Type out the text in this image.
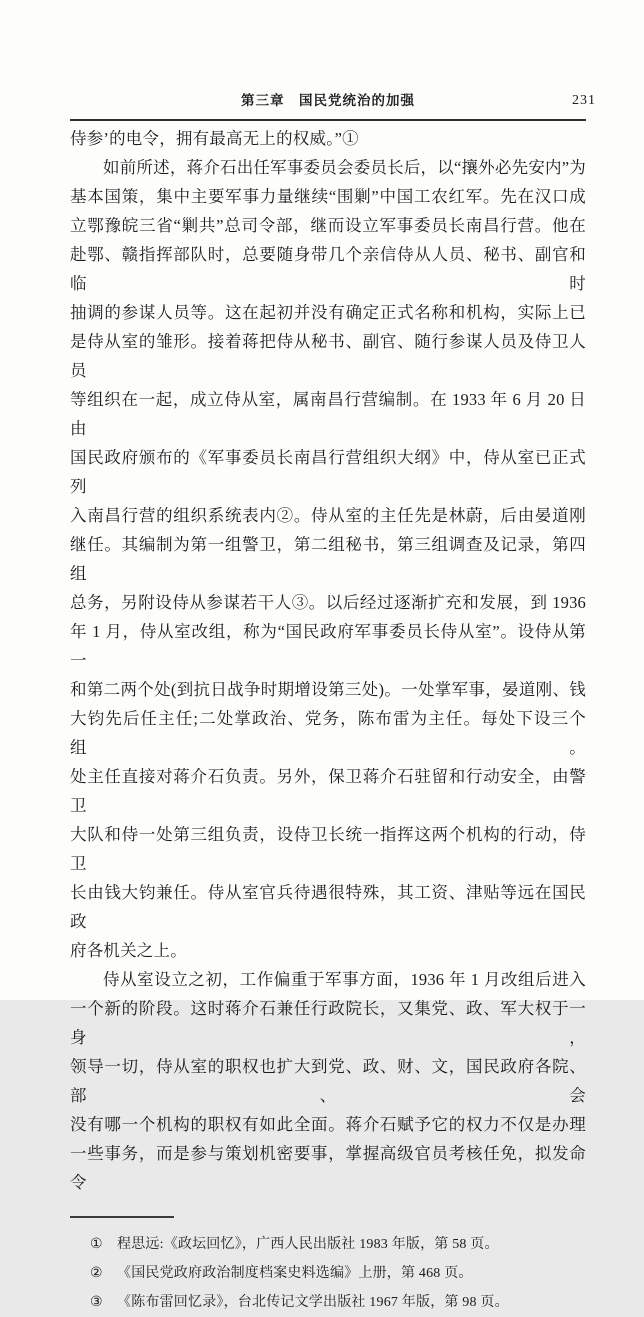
第三章　国民党统治的加强	231

侍参’的电令，拥有最高无上的权威。”①

如前所述，蒋介石出任军事委员会委员长后，以“攘外必先安内”为

基本国策，集中主要军事力量继续“围剿”中国工农红军。先在汉口成

立鄂豫皖三省“剿共”总司令部，继而设立军事委员长南昌行营。他在

赴鄂、赣指挥部队时，总要随身带几个亲信侍从人员、秘书、副官和临时

抽调的参谋人员等。这在起初并没有确定正式名称和机构，实际上已

是侍从室的雏形。接着蒋把侍从秘书、副官、随行参谋人员及侍卫人员

等组织在一起，成立侍从室，属南昌行营编制。在 1933 年 6 月 20 日由

国民政府颁布的《军事委员长南昌行营组织大纲》中，侍从室已正式列

入南昌行营的组织系统表内②。侍从室的主任先是林蔚，后由晏道刚

继任。其编制为第一组警卫，第二组秘书，第三组调查及记录，第四组

总务，另附设侍从参谋若干人③。以后经过逐渐扩充和发展，到 1936

年 1 月，侍从室改组，称为“国民政府军事委员长侍从室”。设侍从第一

和第二两个处(到抗日战争时期增设第三处)。一处掌军事，晏道刚、钱

大钧先后任主任;二处掌政治、党务，陈布雷为主任。每处下设三个组。

处主任直接对蒋介石负责。另外，保卫蒋介石驻留和行动安全，由警卫

大队和侍一处第三组负责，设侍卫长统一指挥这两个机构的行动，侍卫

长由钱大钧兼任。侍从室官兵待遇很特殊，其工资、津贴等远在国民政

府各机关之上。

侍从室设立之初，工作偏重于军事方面，1936 年 1 月改组后进入

一个新的阶段。这时蒋介石兼任行政院长，又集党、政、军大权于一身，

领导一切，侍从室的职权也扩大到党、政、财、文，国民政府各院、部、会

没有哪一个机构的职权有如此全面。蒋介石赋予它的权力不仅是办理

一些事务，而是参与策划机密要事，掌握高级官员考核任免，拟发命令

①	程思远:《政坛回忆》，广西人民出版社 1983 年版，第 58 页。
②	《国民党政府政治制度档案史料选编》上册，第 468 页。
③	《陈布雷回忆录》，台北传记文学出版社 1967 年版，第 98 页。
